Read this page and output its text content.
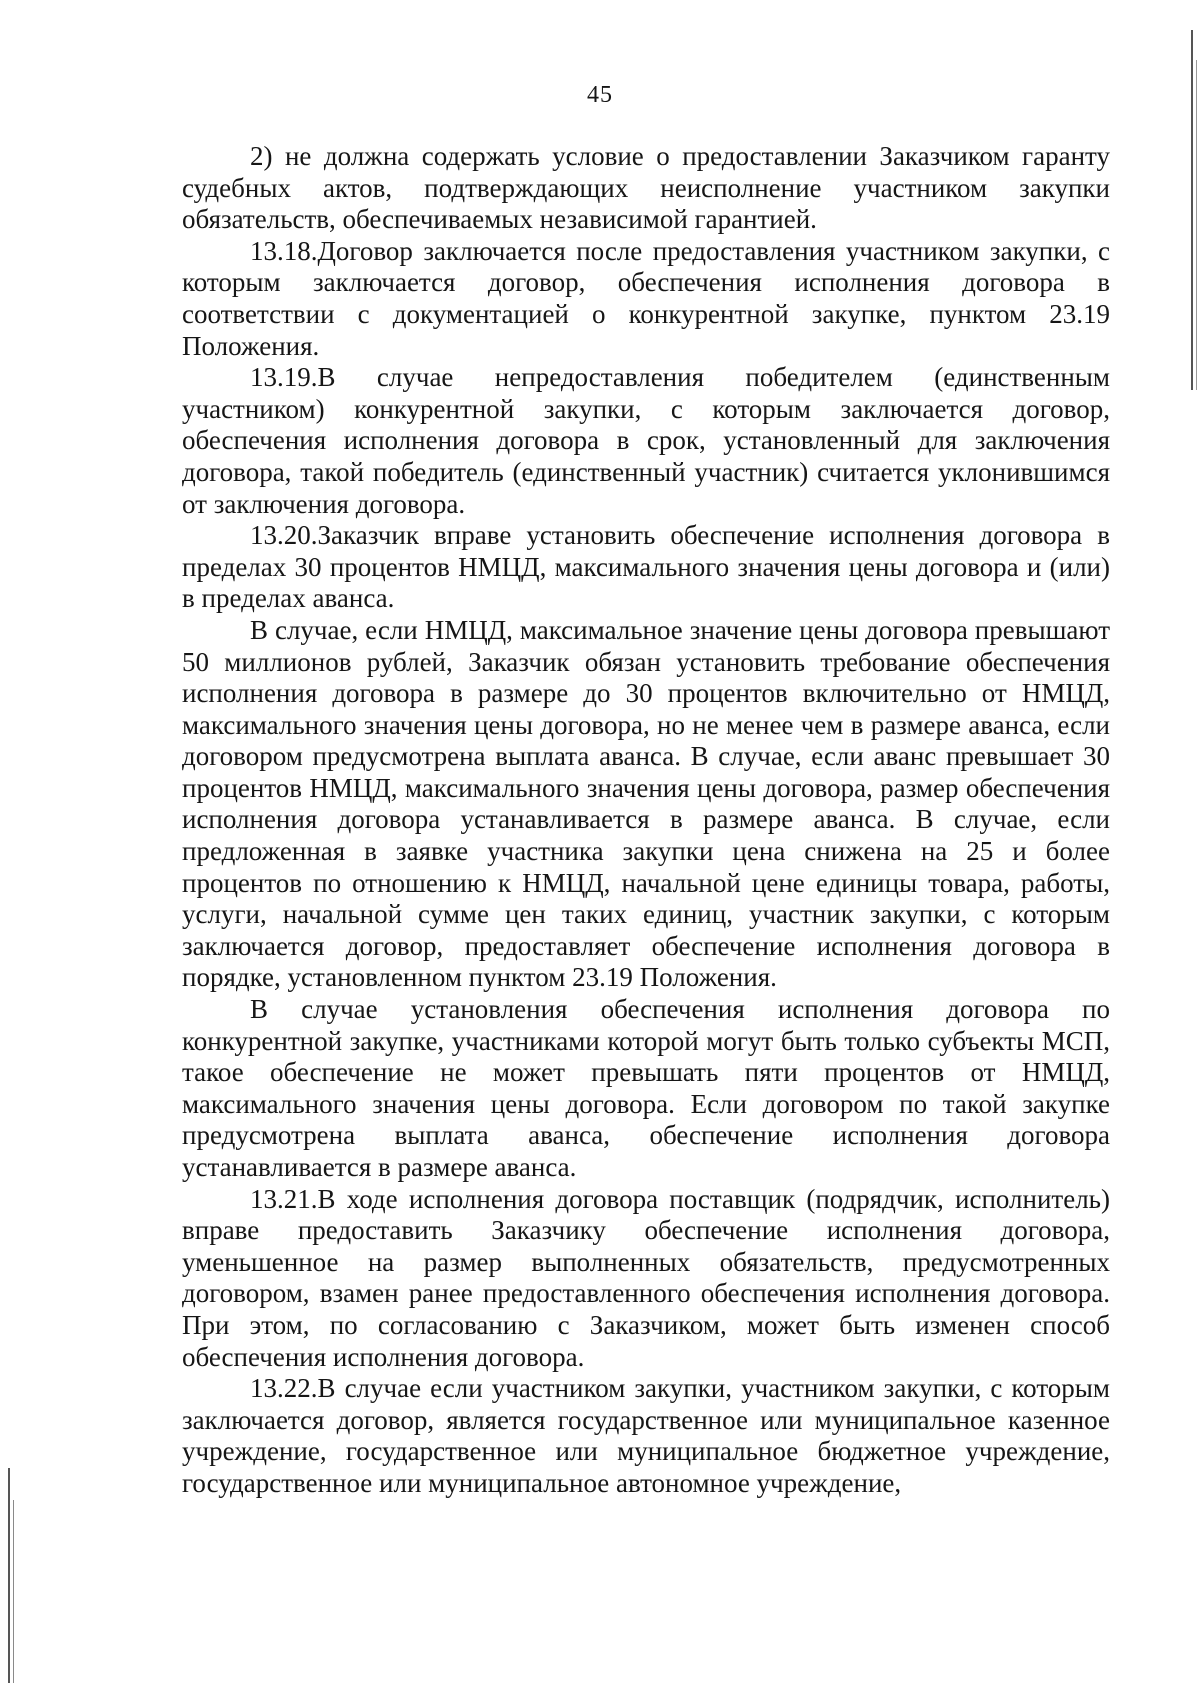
45

2) не должна содержать условие о предоставлении Заказчиком гаранту судебных актов, подтверждающих неисполнение участником закупки обязательств, обеспечиваемых независимой гарантией.

13.18.Договор заключается после предоставления участником закупки, с которым заключается договор, обеспечения исполнения договора в соответствии с документацией о конкурентной закупке, пунктом 23.19 Положения.

13.19.В случае непредоставления победителем (единственным участником) конкурентной закупки, с которым заключается договор, обеспечения исполнения договора в срок, установленный для заключения договора, такой победитель (единственный участник) считается уклонившимся от заключения договора.

13.20.Заказчик вправе установить обеспечение исполнения договора в пределах 30 процентов НМЦД, максимального значения цены договора и (или) в пределах аванса.

В случае, если НМЦД, максимальное значение цены договора превышают 50 миллионов рублей, Заказчик обязан установить требование обеспечения исполнения договора в размере до 30 процентов включительно от НМЦД, максимального значения цены договора, но не менее чем в размере аванса, если договором предусмотрена выплата аванса. В случае, если аванс превышает 30 процентов НМЦД, максимального значения цены договора, размер обеспечения исполнения договора устанавливается в размере аванса. В случае, если предложенная в заявке участника закупки цена снижена на 25 и более процентов по отношению к НМЦД, начальной цене единицы товара, работы, услуги, начальной сумме цен таких единиц, участник закупки, с которым заключается договор, предоставляет обеспечение исполнения договора в порядке, установленном пунктом 23.19 Положения.

В случае установления обеспечения исполнения договора по конкурентной закупке, участниками которой могут быть только субъекты МСП, такое обеспечение не может превышать пяти процентов от НМЦД, максимального значения цены договора. Если договором по такой закупке предусмотрена выплата аванса, обеспечение исполнения договора устанавливается в размере аванса.

13.21.В ходе исполнения договора поставщик (подрядчик, исполнитель) вправе предоставить Заказчику обеспечение исполнения договора, уменьшенное на размер выполненных обязательств, предусмотренных договором, взамен ранее предоставленного обеспечения исполнения договора. При этом, по согласованию с Заказчиком, может быть изменен способ обеспечения исполнения договора.

13.22.В случае если участником закупки, участником закупки, с которым заключается договор, является государственное или муниципальное казенное учреждение, государственное или муниципальное бюджетное учреждение, государственное или муниципальное автономное учреждение,
